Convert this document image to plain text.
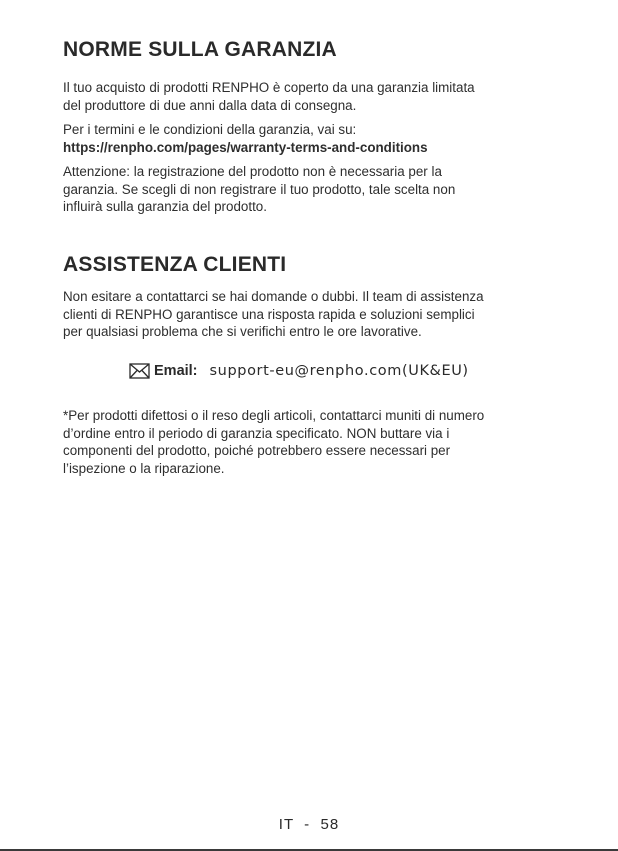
NORME SULLA GARANZIA
Il tuo acquisto di prodotti RENPHO è coperto da una garanzia limitata
del produttore di due anni dalla data di consegna.
Per i termini e le condizioni della garanzia, vai su:
https://renpho.com/pages/warranty-terms-and-conditions
Attenzione: la registrazione del prodotto non è necessaria per la
garanzia. Se scegli di non registrare il tuo prodotto, tale scelta non
influirà sulla garanzia del prodotto.
ASSISTENZA CLIENTI
Non esitare a contattarci se hai domande o dubbi. Il team di assistenza
clienti di RENPHO garantisce una risposta rapida e soluzioni semplici
per qualsiasi problema che si verifichi entro le ore lavorative.
Email: support-eu@renpho.com(UK&EU)
*Per prodotti difettosi o il reso degli articoli, contattarci muniti di numero
d’ordine entro il periodo di garanzia specificato. NON buttare via i
componenti del prodotto, poiché potrebbero essere necessari per
l’ispezione o la riparazione.
IT  -  58
